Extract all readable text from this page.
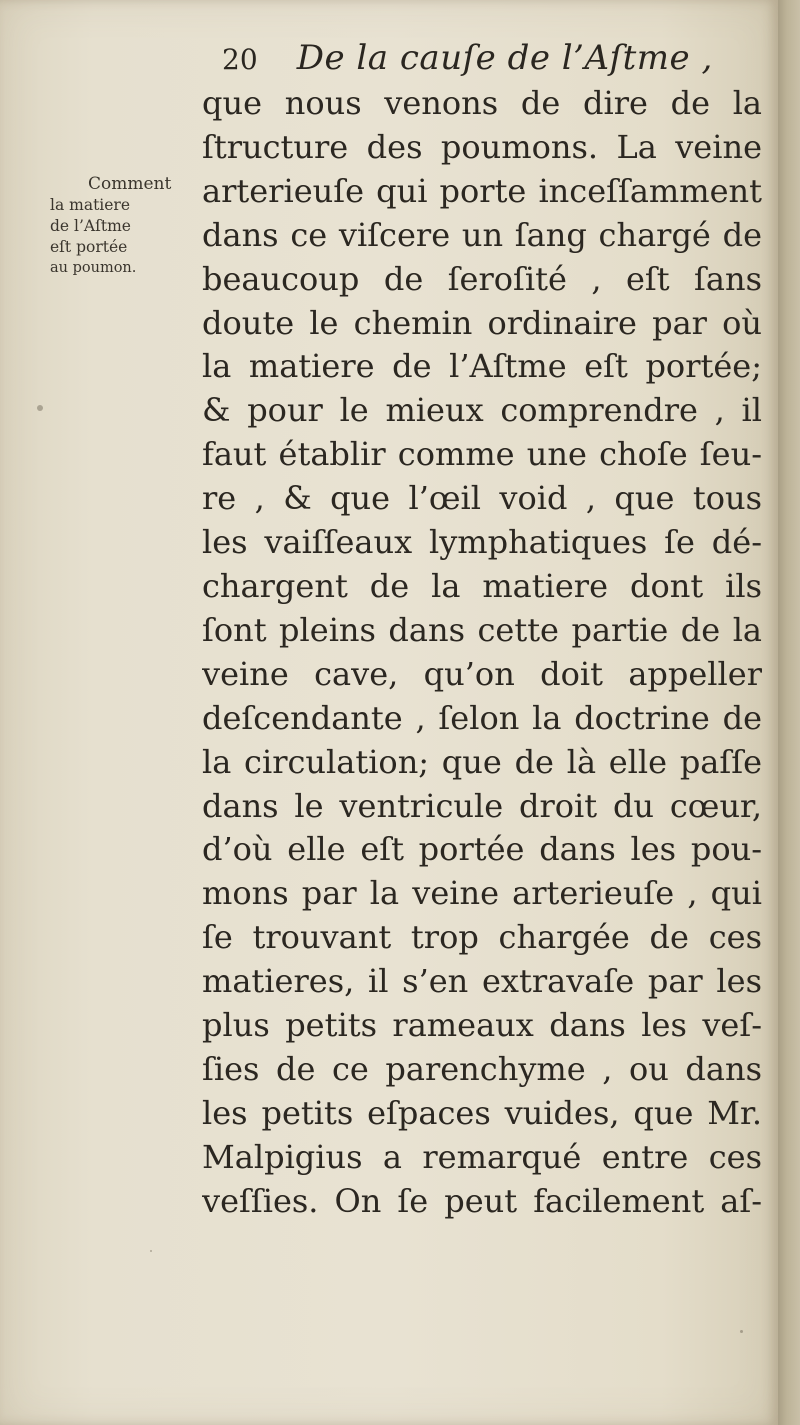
20 De la cauſe de l’Aſtme ,
Comment
la matiere
de l’Aſtme
eſt portée
au poumon.
que nous venons de dire de la
ſtructure des poumons. La veine
arterieuſe qui porte inceſſamment
dans ce viſcere un ſang chargé de
beaucoup de ſeroſité , eſt ſans
doute le chemin ordinaire par où
la matiere de l’Aſtme eſt portée;
& pour le mieux comprendre , il
faut établir comme une choſe ſeu-
re , & que l’œil void , que tous
les vaiſſeaux lymphatiques ſe dé-
chargent de la matiere dont ils
ſont pleins dans cette partie de la
veine cave, qu’on doit appeller
deſcendante , ſelon la doctrine de
la circulation; que de là elle paſſe
dans le ventricule droit du cœur,
d’où elle eſt portée dans les pou-
mons par la veine arterieuſe , qui
ſe trouvant trop chargée de ces
matieres, il s’en extravaſe par les
plus petits rameaux dans les veſ-
ſies de ce parenchyme , ou dans
les petits eſpaces vuides, que Mr.
Malpigius a remarqué entre ces
veſſies. On ſe peut facilement aſ-
